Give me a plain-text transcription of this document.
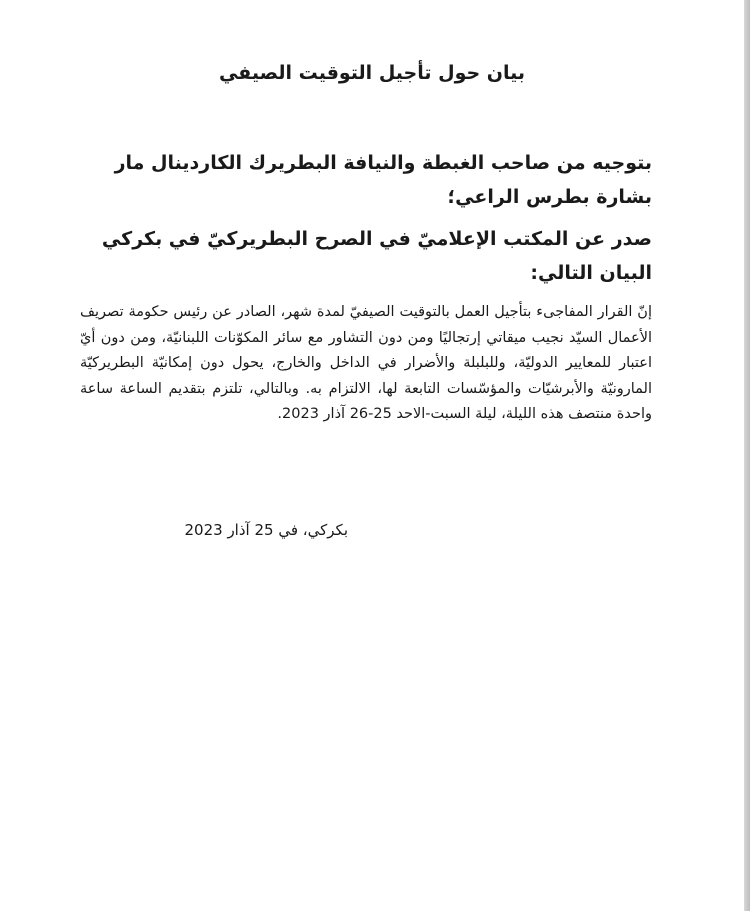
بيان حول تأجيل التوقيت الصيفي

بتوجيه من صاحب الغبطة والنيافة البطريرك الكاردينال مار بشارة بطرس الراعي؛

صدر عن المكتب الإعلاميّ في الصرح البطريركيّ في بكركي البيان التالي:

إنّ القرار المفاجىء بتأجيل العمل بالتوقيت الصيفيّ لمدة شهر، الصادر عن رئيس حكومة تصريف الأعمال السيّد نجيب ميقاتي إرتجاليًا ومن دون التشاور مع سائر المكوّنات اللبنانيّة، ومن دون أيّ اعتبار للمعايير الدوليّة، وللبلبلة والأضرار في الداخل والخارج، يحول دون إمكانيّة البطريركيّة المارونيّة والأبرشيّات والمؤسّسات التابعة لها، الالتزام به. وبالتالي، تلتزم بتقديم الساعة ساعة واحدة منتصف هذه الليلة، ليلة السبت-الاحد 25-26 آذار 2023.

بكركي، في 25 آذار 2023
